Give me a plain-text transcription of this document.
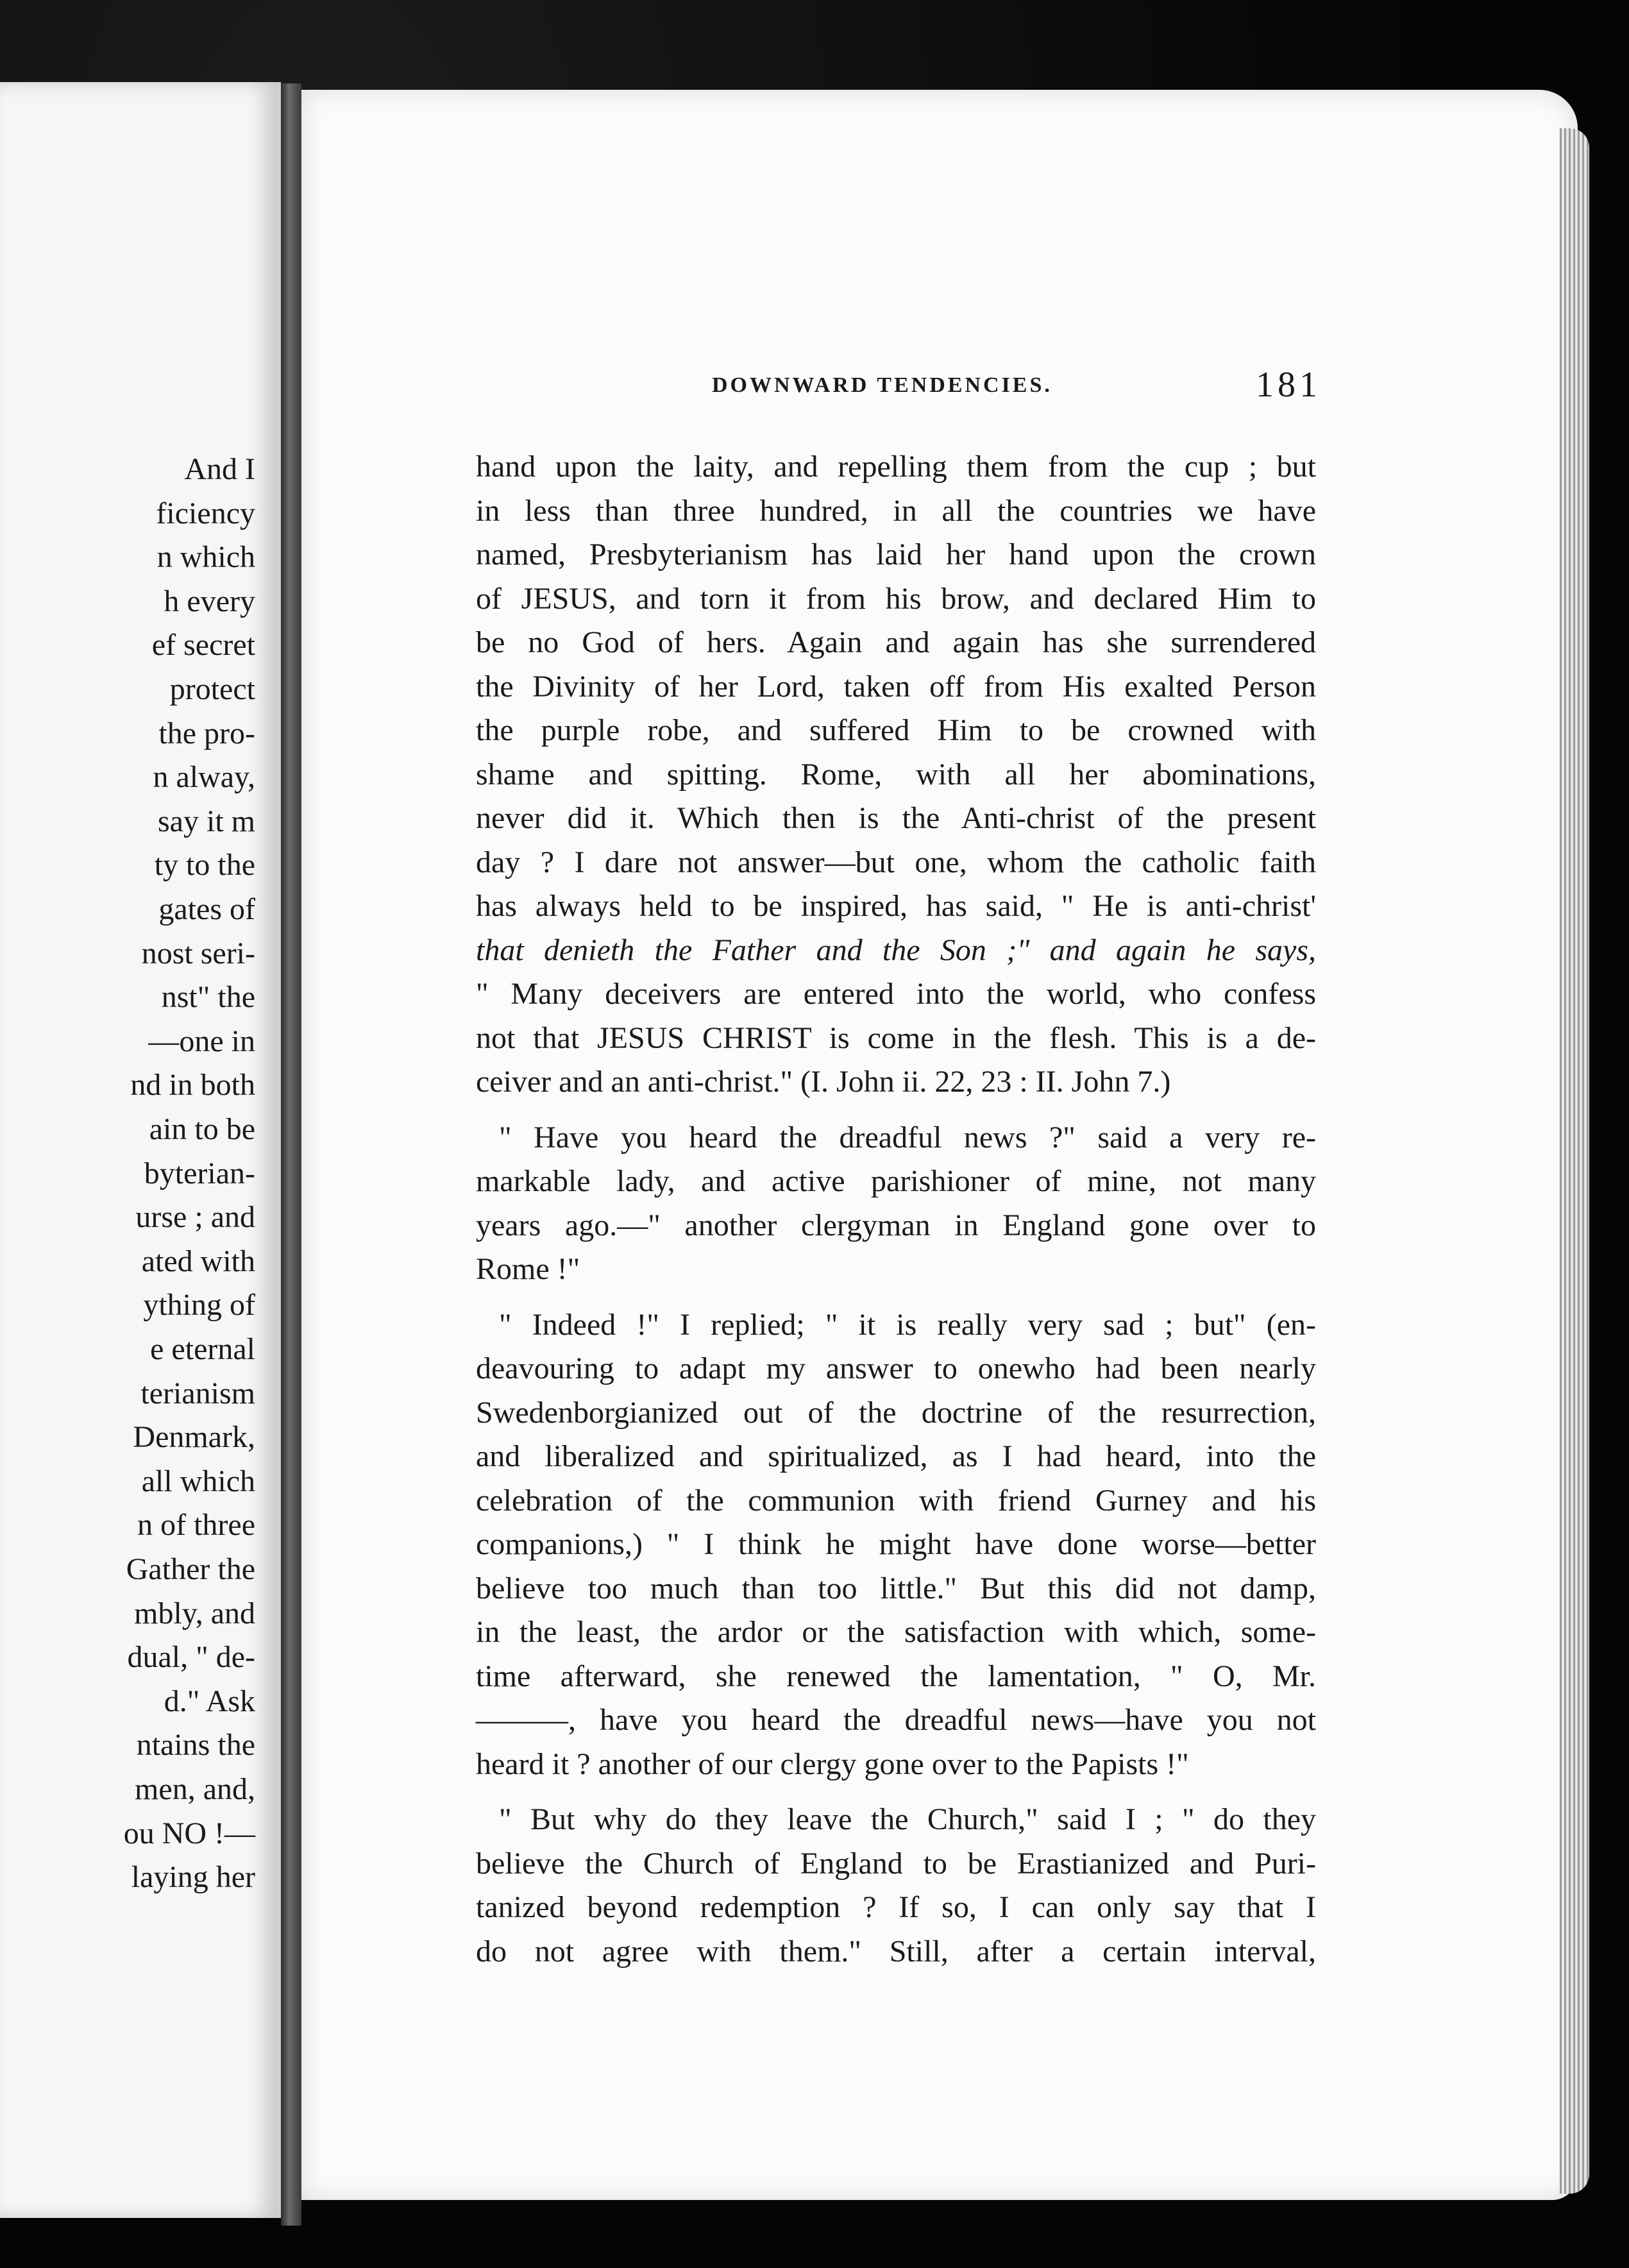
And I
ficiency
n which
h every
ef secret
protect
the pro-
n alway,
say it m
ty to the
gates of
nost seri-
nst" the
—one in
nd in both
ain to be
byterian-
urse ; and
ated with
ything of
e eternal
terianism
Denmark,
all which
n of three
Gather the
mbly, and
dual, " de-
d." Ask
ntains the
men, and,
ou NO !—
laying her
DOWNWARD TENDENCIES.	181
hand upon the laity, and repelling them from the cup ; but
in less than three hundred, in all the countries we have
named, Presbyterianism has laid her hand upon the crown
of JESUS, and torn it from his brow, and declared Him to
be no God of hers. Again and again has she surrendered
the Divinity of her Lord, taken off from His exalted Person
the purple robe, and suffered Him to be crowned with
shame and spitting. Rome, with all her abominations,
never did it. Which then is the Anti-christ of the present
day ? I dare not answer—but one, whom the catholic faith
has always held to be inspired, has said, " He is anti-christ'
that denieth the Father and the Son ;" and again he says,
" Many deceivers are entered into the world, who confess
not that JESUS CHRIST is come in the flesh. This is a de-
ceiver and an anti-christ." (I. John ii. 22, 23 : II. John 7.)
" Have you heard the dreadful news ?" said a very re-
markable lady, and active parishioner of mine, not many
years ago.—" another clergyman in England gone over to
Rome !"
" Indeed !" I replied; " it is really very sad ; but" (en-
deavouring to adapt my answer to onewho had been nearly
Swedenborgianized out of the doctrine of the resurrection,
and liberalized and spiritualized, as I had heard, into the
celebration of the communion with friend Gurney and his
companions,) " I think he might have done worse—better
believe too much than too little." But this did not damp,
in the least, the ardor or the satisfaction with which, some-
time afterward, she renewed the lamentation, " O, Mr.
———, have you heard the dreadful news—have you not
heard it ? another of our clergy gone over to the Papists !"
" But why do they leave the Church," said I ; " do they
believe the Church of England to be Erastianized and Puri-
tanized beyond redemption ? If so, I can only say that I
do not agree with them." Still, after a certain interval,
